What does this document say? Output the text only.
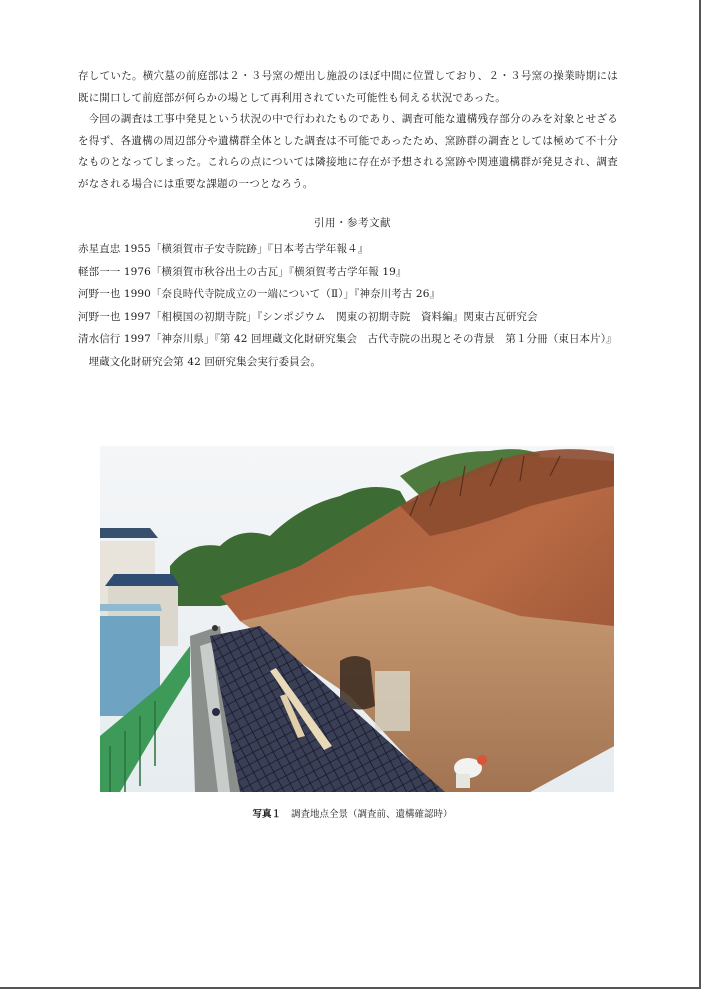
存していた。横穴墓の前庭部は２・３号窯の煙出し施設のほぼ中間に位置しており、２・３号窯の操業時期には既に開口して前庭部が何らかの場として再利用されていた可能性も伺える状況であった。

今回の調査は工事中発見という状況の中で行われたものであり、調査可能な遺構残存部分のみを対象とせざるを得ず、各遺構の周辺部分や遺構群全体とした調査は不可能であったため、窯跡群の調査としては極めて不十分なものとなってしまった。これらの点については隣接地に存在が予想される窯跡や関連遺構群が発見され、調査がなされる場合には重要な課題の一つとなろう。

引用・参考文献
赤星直忠 1955「横須賀市子安寺院跡」『日本考古学年報４』
軽部一一 1976「横須賀市秋谷出土の古瓦」『横須賀考古学年報 19』
河野一也 1990「奈良時代寺院成立の一端について（Ⅱ）」『神奈川考古 26』
河野一也 1997「相模国の初期寺院」『シンポジウム　関東の初期寺院　資料編』関東古瓦研究会
清水信行 1997「神奈川県」『第 42 回埋蔵文化財研究集会　古代寺院の出現とその背景　第１分冊（東日本片）』
埋蔵文化財研究会第 42 回研究集会実行委員会。
写真１ 調査地点全景（調査前、遺構確認時）
